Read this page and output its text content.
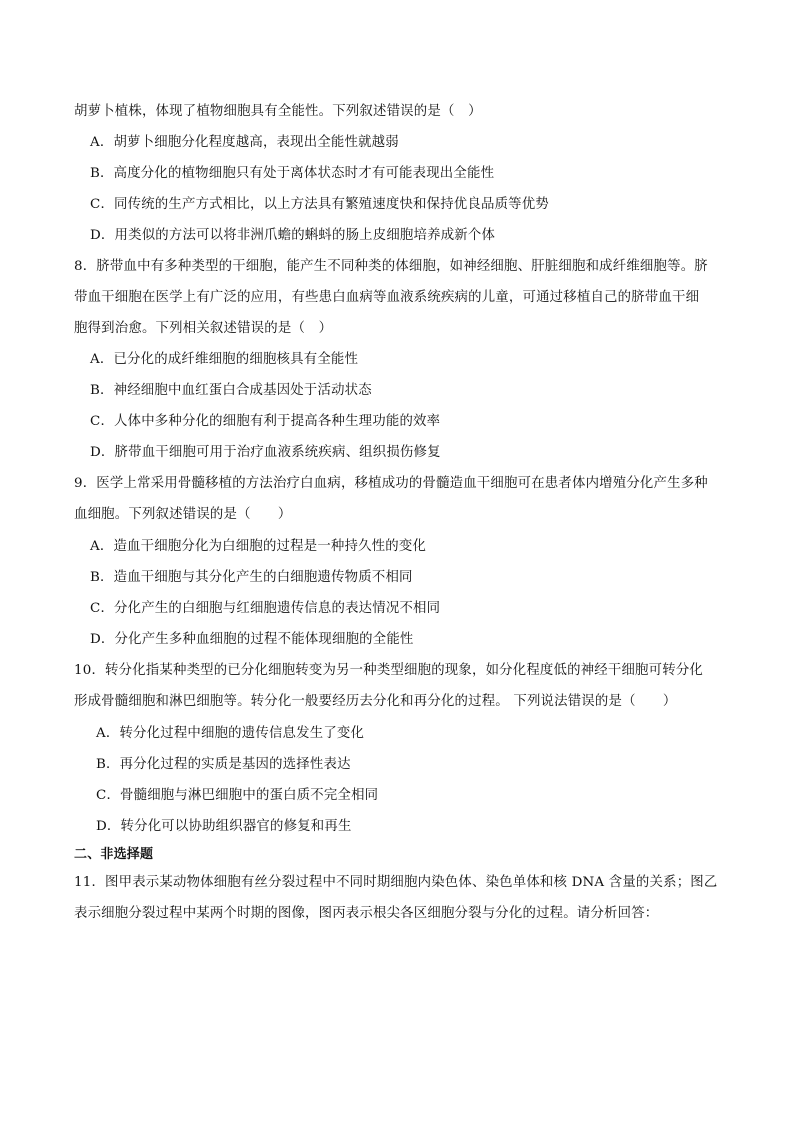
胡萝卜植株，体现了植物细胞具有全能性。下列叙述错误的是（　）
A．胡萝卜细胞分化程度越高，表现出全能性就越弱
B．高度分化的植物细胞只有处于离体状态时才有可能表现出全能性
C．同传统的生产方式相比，以上方法具有繁殖速度快和保持优良品质等优势
D．用类似的方法可以将非洲爪蟾的蝌蚪的肠上皮细胞培养成新个体
8．脐带血中有多种类型的干细胞，能产生不同种类的体细胞，如神经细胞、肝脏细胞和成纤维细胞等。脐
带血干细胞在医学上有广泛的应用，有些患白血病等血液系统疾病的儿童，可通过移植自己的脐带血干细
胞得到治愈。下列相关叙述错误的是（　）
A．已分化的成纤维细胞的细胞核具有全能性
B．神经细胞中血红蛋白合成基因处于活动状态
C．人体中多种分化的细胞有利于提高各种生理功能的效率
D．脐带血干细胞可用于治疗血液系统疾病、组织损伤修复
9．医学上常采用骨髓移植的方法治疗白血病，移植成功的骨髓造血干细胞可在患者体内增殖分化产生多种
血细胞。下列叙述错误的是（　　）
A．造血干细胞分化为白细胞的过程是一种持久性的变化
B．造血干细胞与其分化产生的白细胞遗传物质不相同
C．分化产生的白细胞与红细胞遗传信息的表达情况不相同
D．分化产生多种血细胞的过程不能体现细胞的全能性
10．转分化指某种类型的已分化细胞转变为另一种类型细胞的现象，如分化程度低的神经干细胞可转分化
形成骨髓细胞和淋巴细胞等。转分化一般要经历去分化和再分化的过程。 下列说法错误的是（　　）
A．转分化过程中细胞的遗传信息发生了变化
B．再分化过程的实质是基因的选择性表达
C．骨髓细胞与淋巴细胞中的蛋白质不完全相同
D．转分化可以协助组织器官的修复和再生
二、非选择题
11．图甲表示某动物体细胞有丝分裂过程中不同时期细胞内染色体、染色单体和核 DNA 含量的关系；图乙
表示细胞分裂过程中某两个时期的图像，图丙表示根尖各区细胞分裂与分化的过程。请分析回答：
